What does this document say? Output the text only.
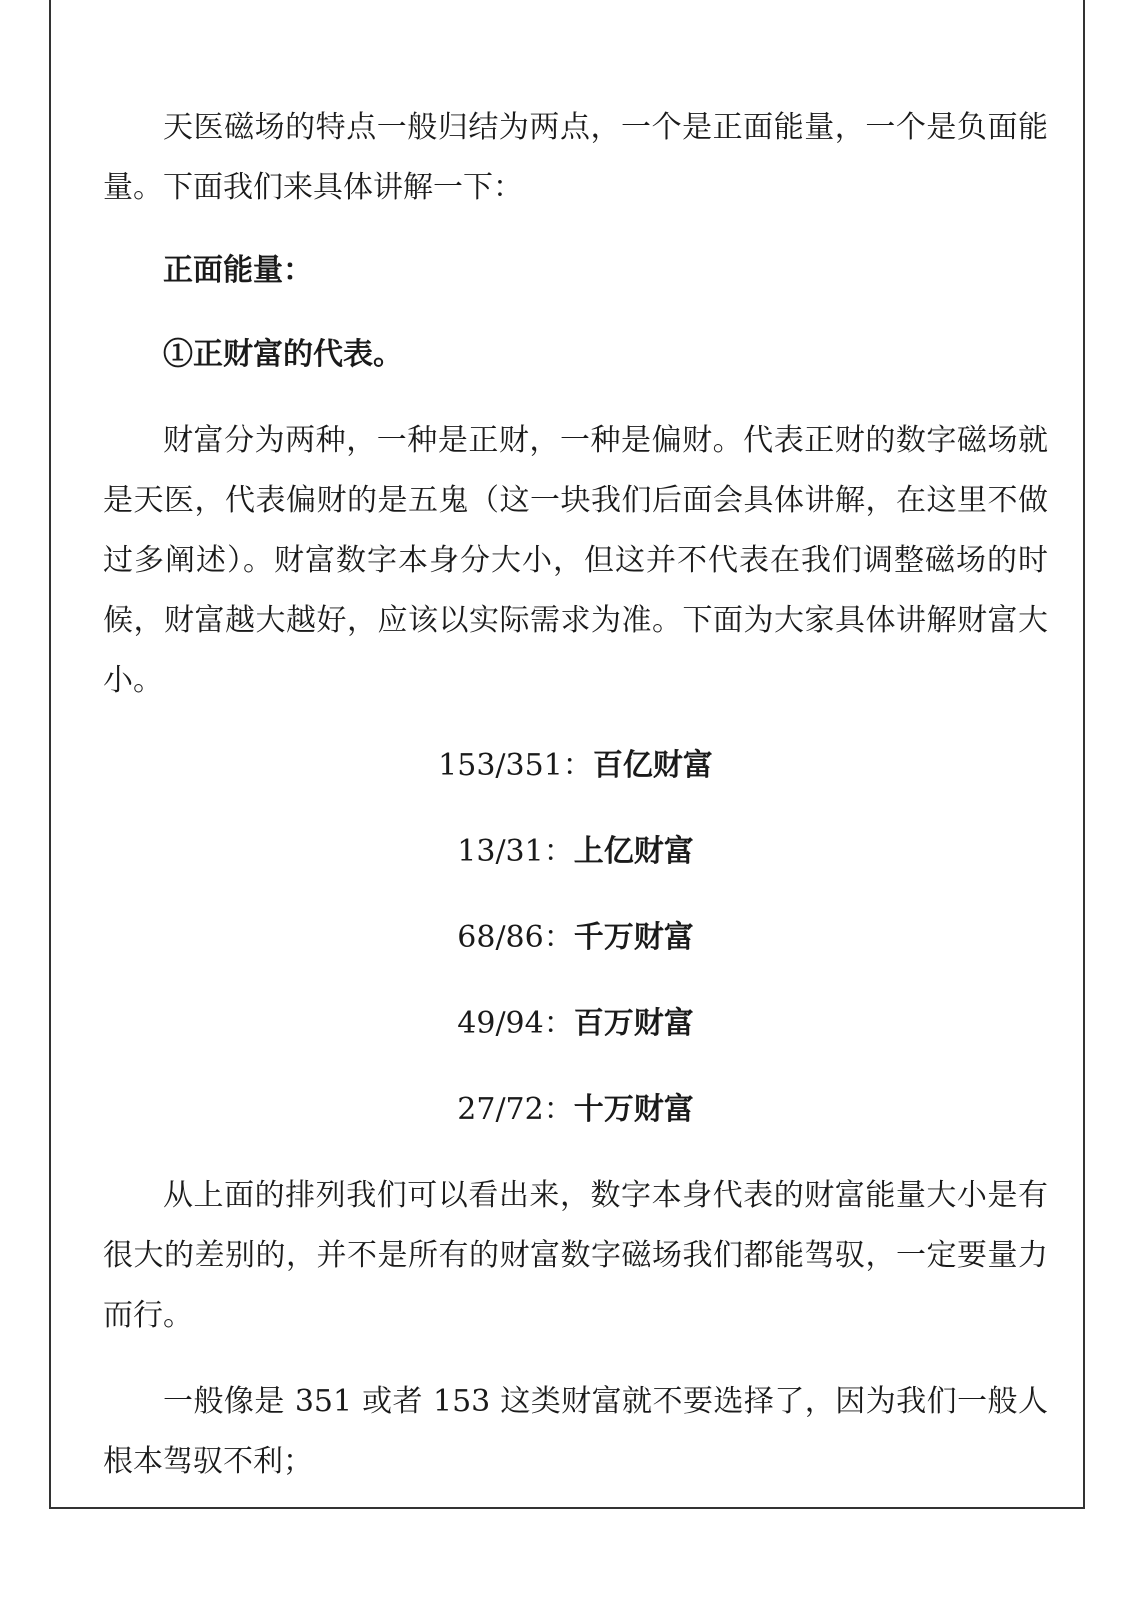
天医磁场的特点一般归结为两点，一个是正面能量，一个是负面能量。下面我们来具体讲解一下：

正面能量：

①正财富的代表。

财富分为两种，一种是正财，一种是偏财。代表正财的数字磁场就是天医，代表偏财的是五鬼（这一块我们后面会具体讲解，在这里不做过多阐述）。财富数字本身分大小，但这并不代表在我们调整磁场的时候，财富越大越好，应该以实际需求为准。下面为大家具体讲解财富大小。

153/351：百亿财富
13/31：上亿财富
68/86：千万财富
49/94：百万财富
27/72：十万财富

从上面的排列我们可以看出来，数字本身代表的财富能量大小是有很大的差别的，并不是所有的财富数字磁场我们都能驾驭，一定要量力而行。

一般像是 351 或者 153 这类财富就不要选择了，因为我们一般人根本驾驭不利；
